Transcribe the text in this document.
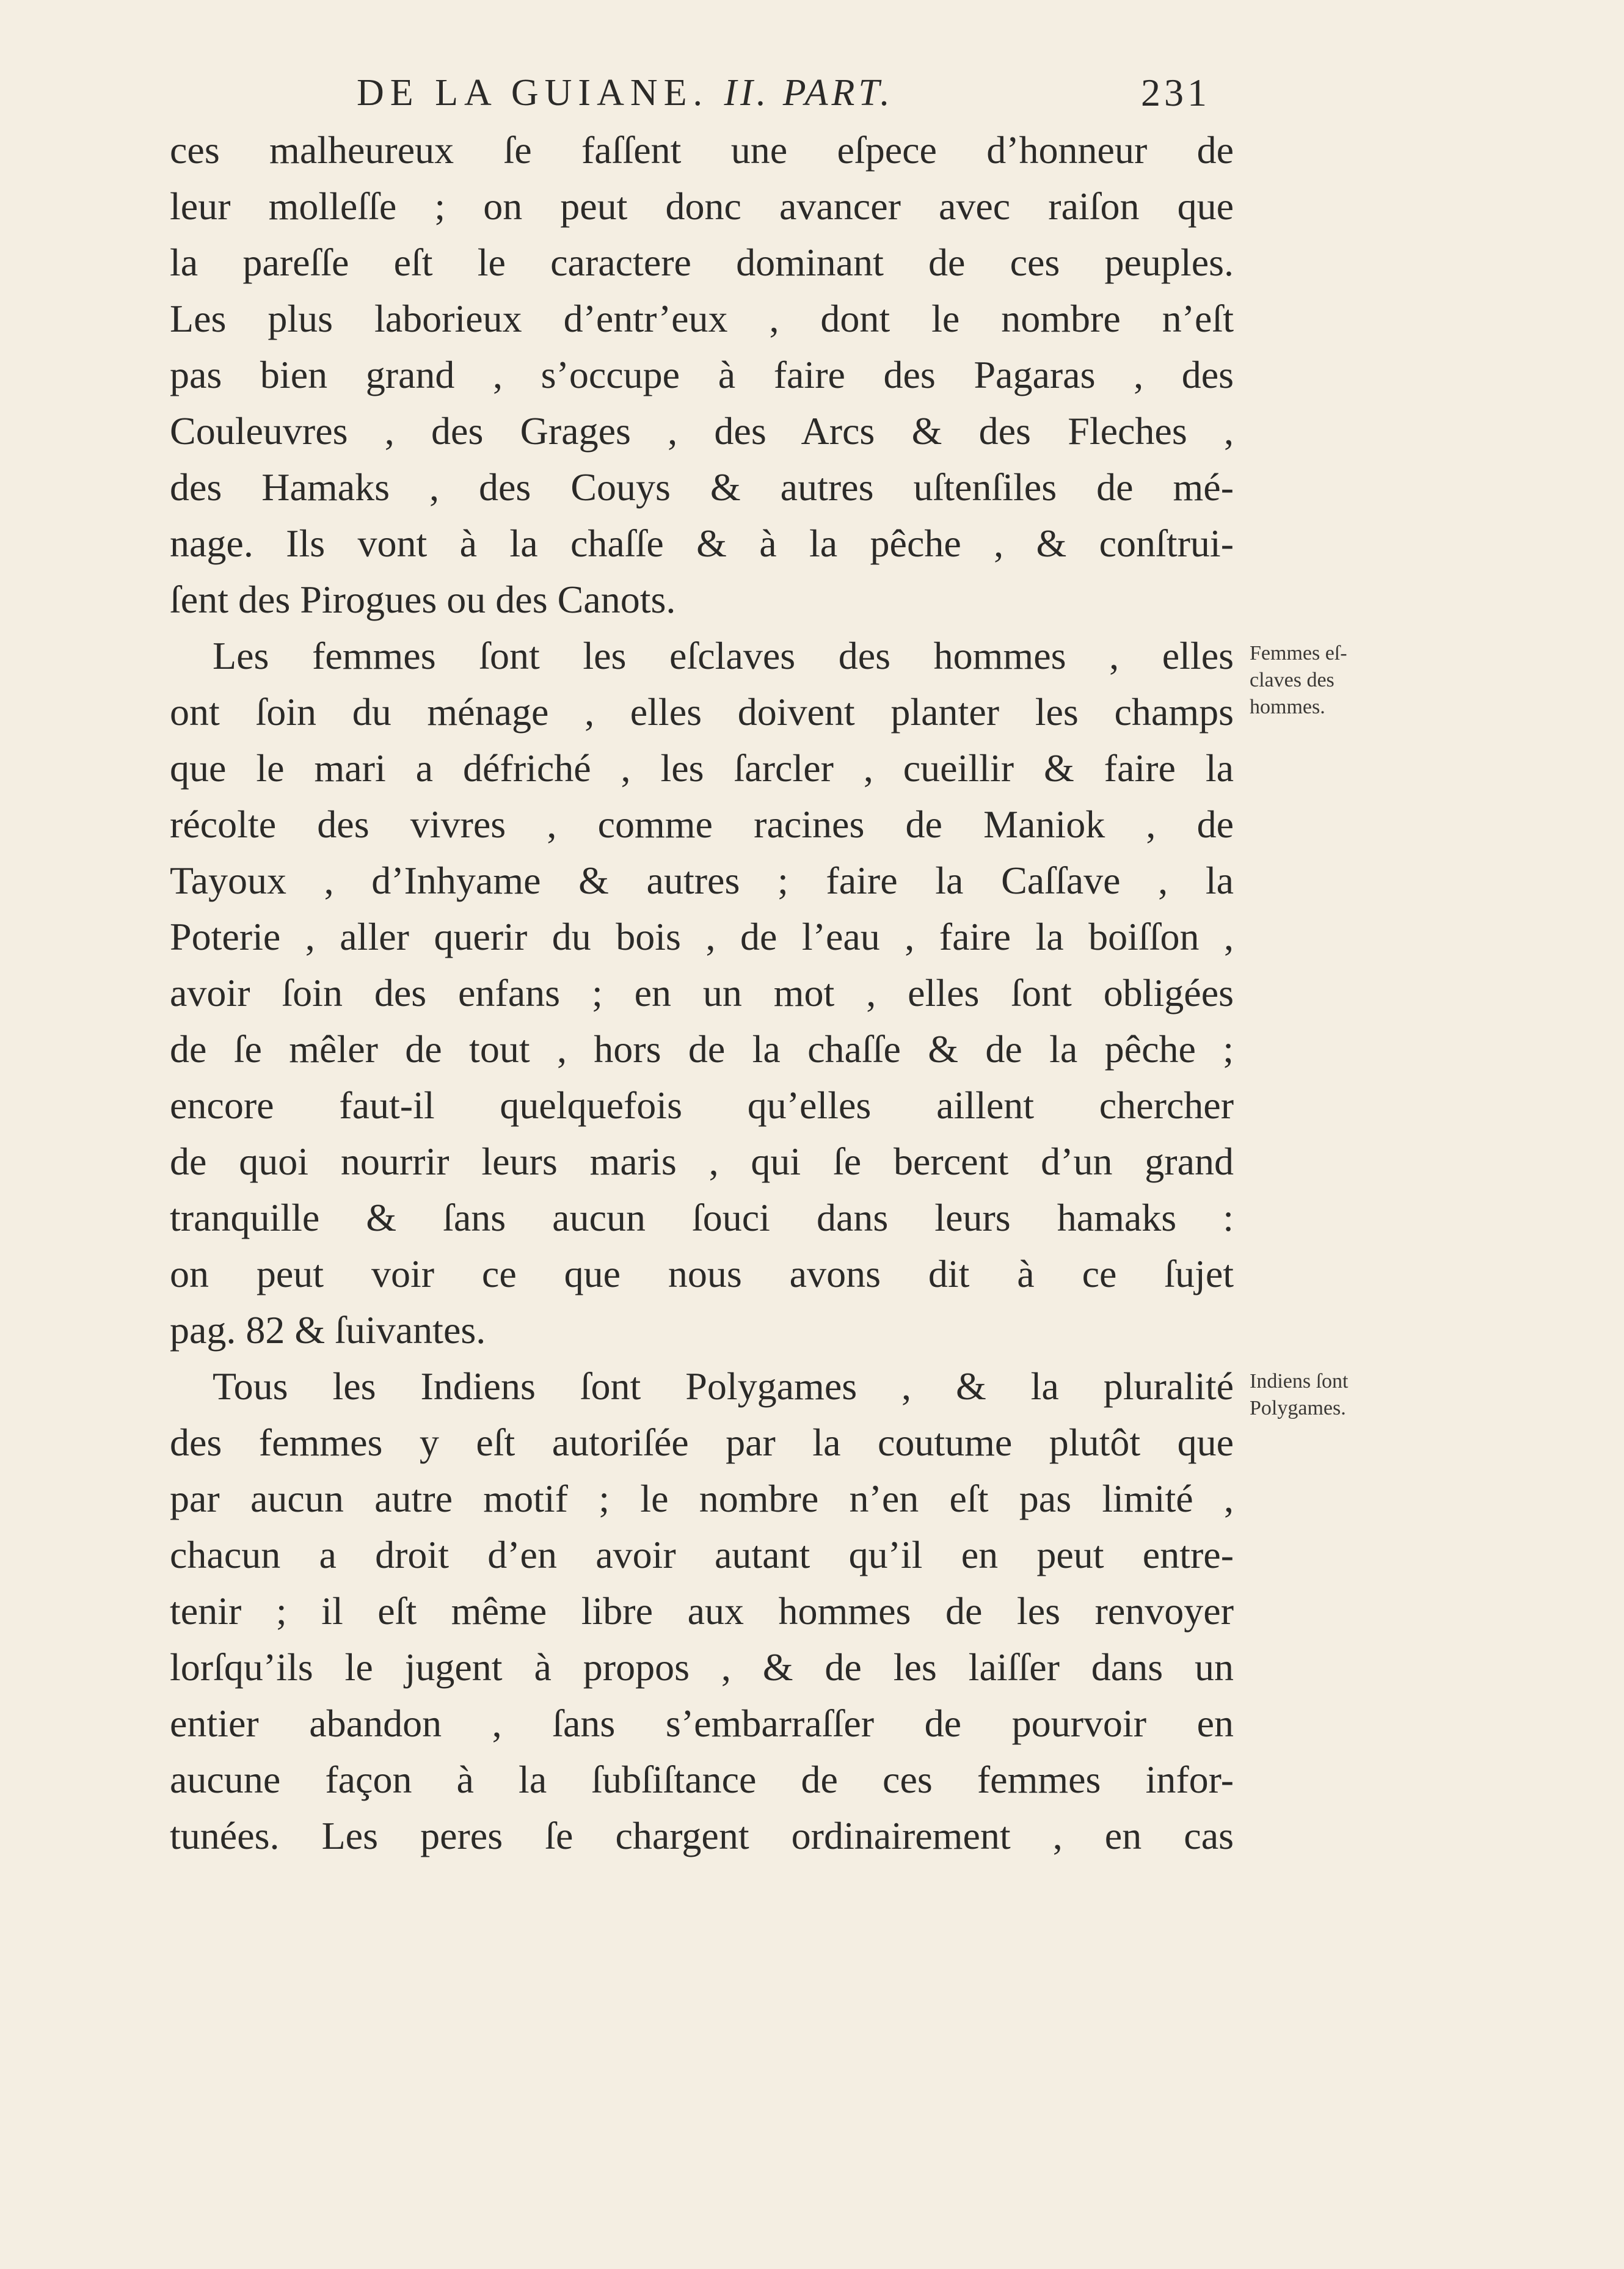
DE LA GUIANE. II. PART.	231
ces malheureux ſe faſſent une eſpece d’honneur de
leur molleſſe ; on peut donc avancer avec raiſon que
la pareſſe eſt le caractere dominant de ces peuples.
Les plus laborieux d’entr’eux , dont le nombre n’eſt
pas bien grand , s’occupe à faire des Pagaras , des
Couleuvres , des Grages , des Arcs & des Fleches ,
des Hamaks , des Couys & autres uſtenſiles de mé-
nage. Ils vont à la chaſſe & à la pêche , & conſtrui-
ſent des Pirogues ou des Canots.
Les femmes ſont les eſclaves des hommes , elles
ont ſoin du ménage , elles doivent planter les champs
que le mari a défriché , les ſarcler , cueillir & faire la
récolte des vivres , comme racines de Maniok , de
Tayoux , d’Inhyame & autres ; faire la Caſſave , la
Poterie , aller querir du bois , de l’eau , faire la boiſſon ,
avoir ſoin des enfans ; en un mot , elles ſont obligées
de ſe mêler de tout , hors de la chaſſe & de la pêche ;
encore faut-il quelquefois qu’elles aillent chercher
de quoi nourrir leurs maris , qui ſe bercent d’un grand
tranquille & ſans aucun ſouci dans leurs hamaks :
on peut voir ce que nous avons dit à ce ſujet
pag. 82 & ſuivantes.
Tous les Indiens ſont Polygames , & la pluralité
des femmes y eſt autoriſée par la coutume plutôt que
par aucun autre motif ; le nombre n’en eſt pas limité ,
chacun a droit d’en avoir autant qu’il en peut entre-
tenir ; il eſt même libre aux hommes de les renvoyer
lorſqu’ils le jugent à propos , & de les laiſſer dans un
entier abandon , ſans s’embarraſſer de pourvoir en
aucune façon à la ſubſiſtance de ces femmes infor-
tunées. Les peres ſe chargent ordinairement , en cas
Femmes eſ-
claves des
hommes.
Indiens ſont
Polygames.
